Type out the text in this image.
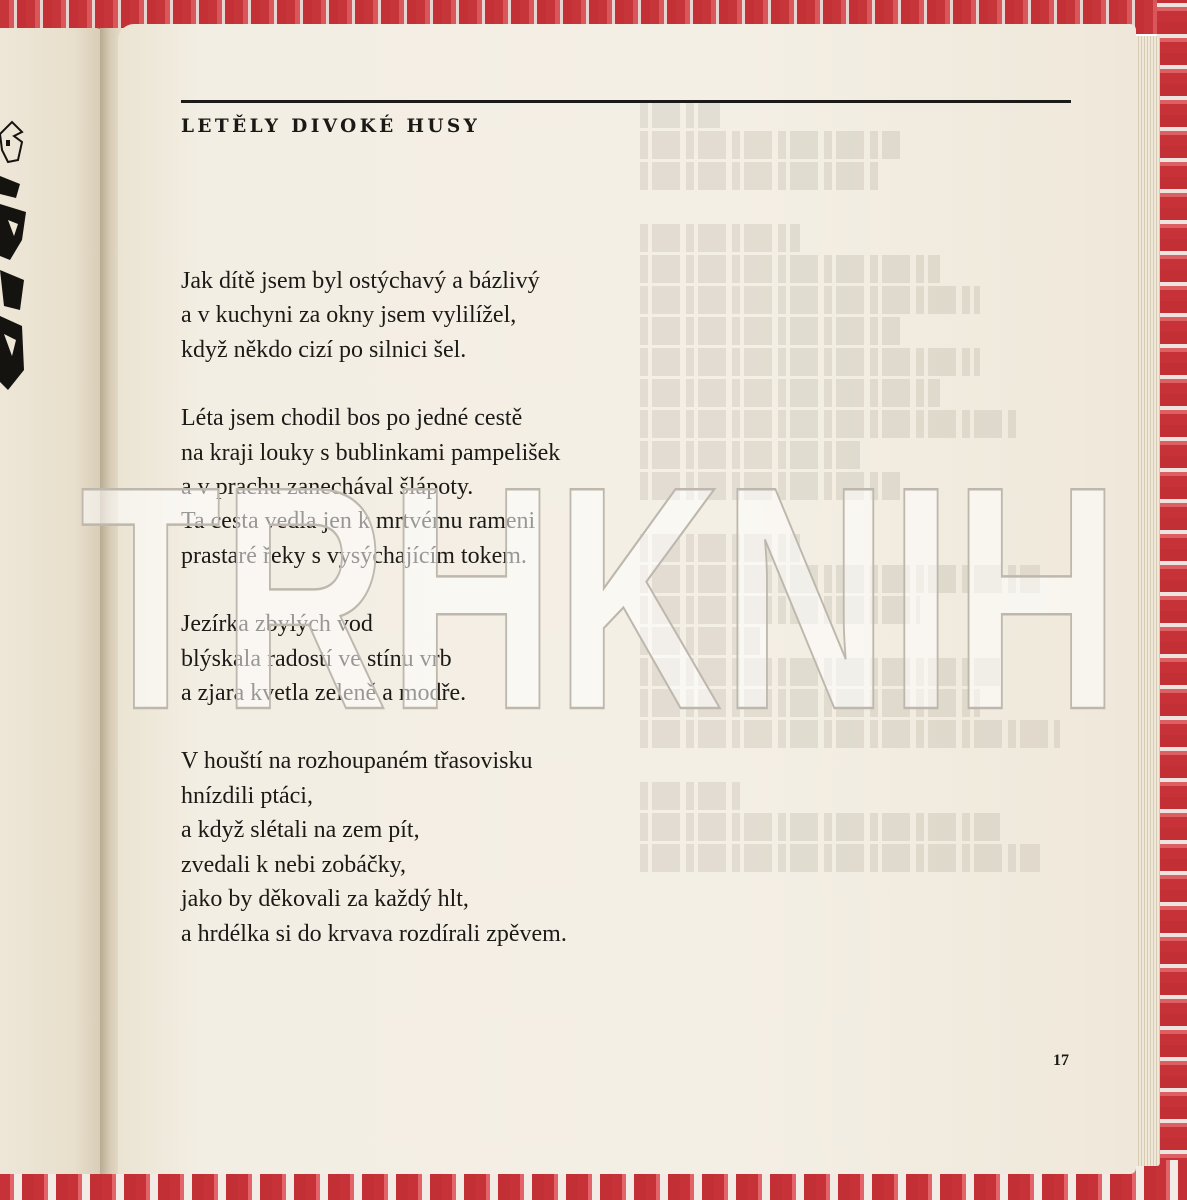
LETĚLY DIVOKÉ HUSY
Jak dítě jsem byl ostýchavý a bázlivý
a v kuchyni za okny jsem vylilížel,
když někdo cizí po silnici šel.
Léta jsem chodil bos po jedné cestě
na kraji louky s bublinkami pampelišek
a v prachu zanechával šlápoty.
Ta cesta vedla jen k mrtvému rameni
prastaré řeky s vysýchajícím tokem.
Jezírka zbylých vod
blýskala radostí ve stínu vrb
a zjara kvetla zeleně a modře.
V houští na rozhoupaném třasovisku
hnízdili ptáci,
a když slétali na zem pít,
zvedali k nebi zobáčky,
jako by děkovali za každý hlt,
a hrdélka si do krvava rozdírali zpěvem.
17
TRHKNIH
